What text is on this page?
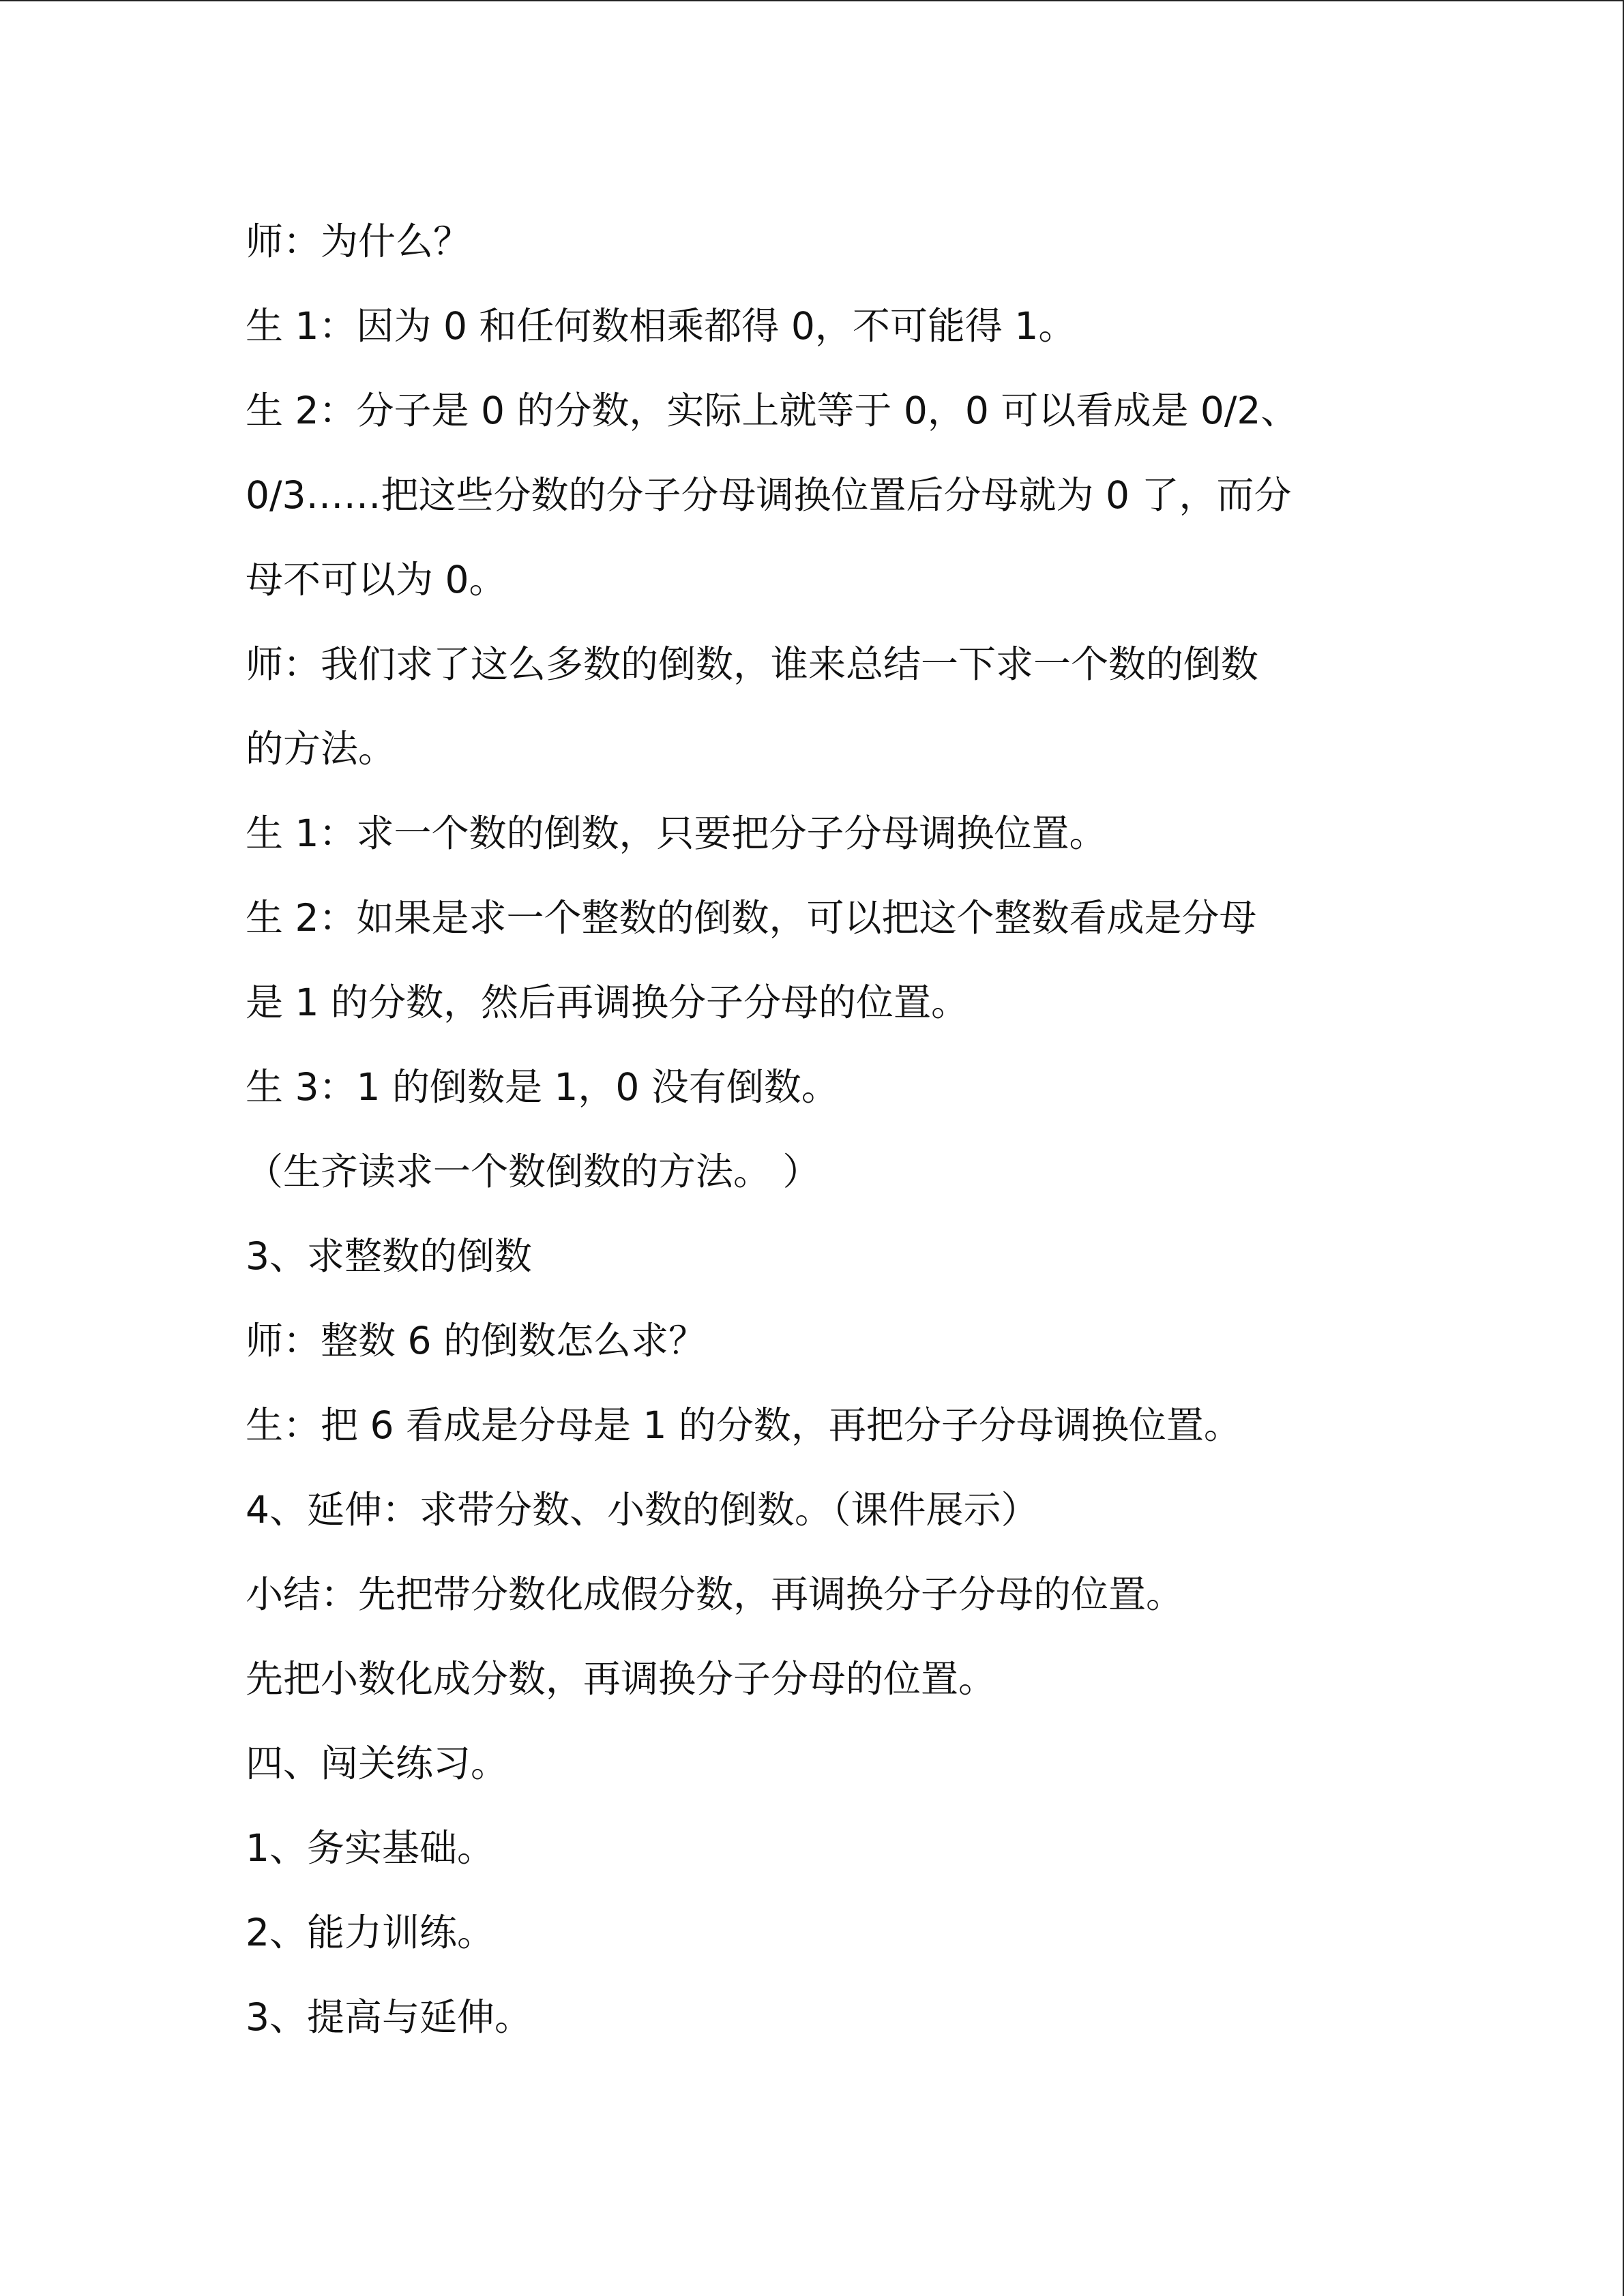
师：为什么？
生 1：因为 0 和任何数相乘都得 0，不可能得 1。
生 2：分子是 0 的分数，实际上就等于 0，0 可以看成是 0/2、
0/3……把这些分数的分子分母调换位置后分母就为 0 了，而分
母不可以为 0。
师：我们求了这么多数的倒数，谁来总结一下求一个数的倒数
的方法。
生 1：求一个数的倒数，只要把分子分母调换位置。
生 2：如果是求一个整数的倒数，可以把这个整数看成是分母
是 1 的分数，然后再调换分子分母的位置。
生 3：1 的倒数是 1，0 没有倒数。
（生齐读求一个数倒数的方法。 ）
3、求整数的倒数
师：整数 6 的倒数怎么求？
生：把 6 看成是分母是 1 的分数，再把分子分母调换位置。
4、延伸：求带分数、小数的倒数。（课件展示）
小结：先把带分数化成假分数，再调换分子分母的位置。
先把小数化成分数，再调换分子分母的位置。
四、闯关练习。
1、务实基础。
2、能力训练。
3、提高与延伸。
